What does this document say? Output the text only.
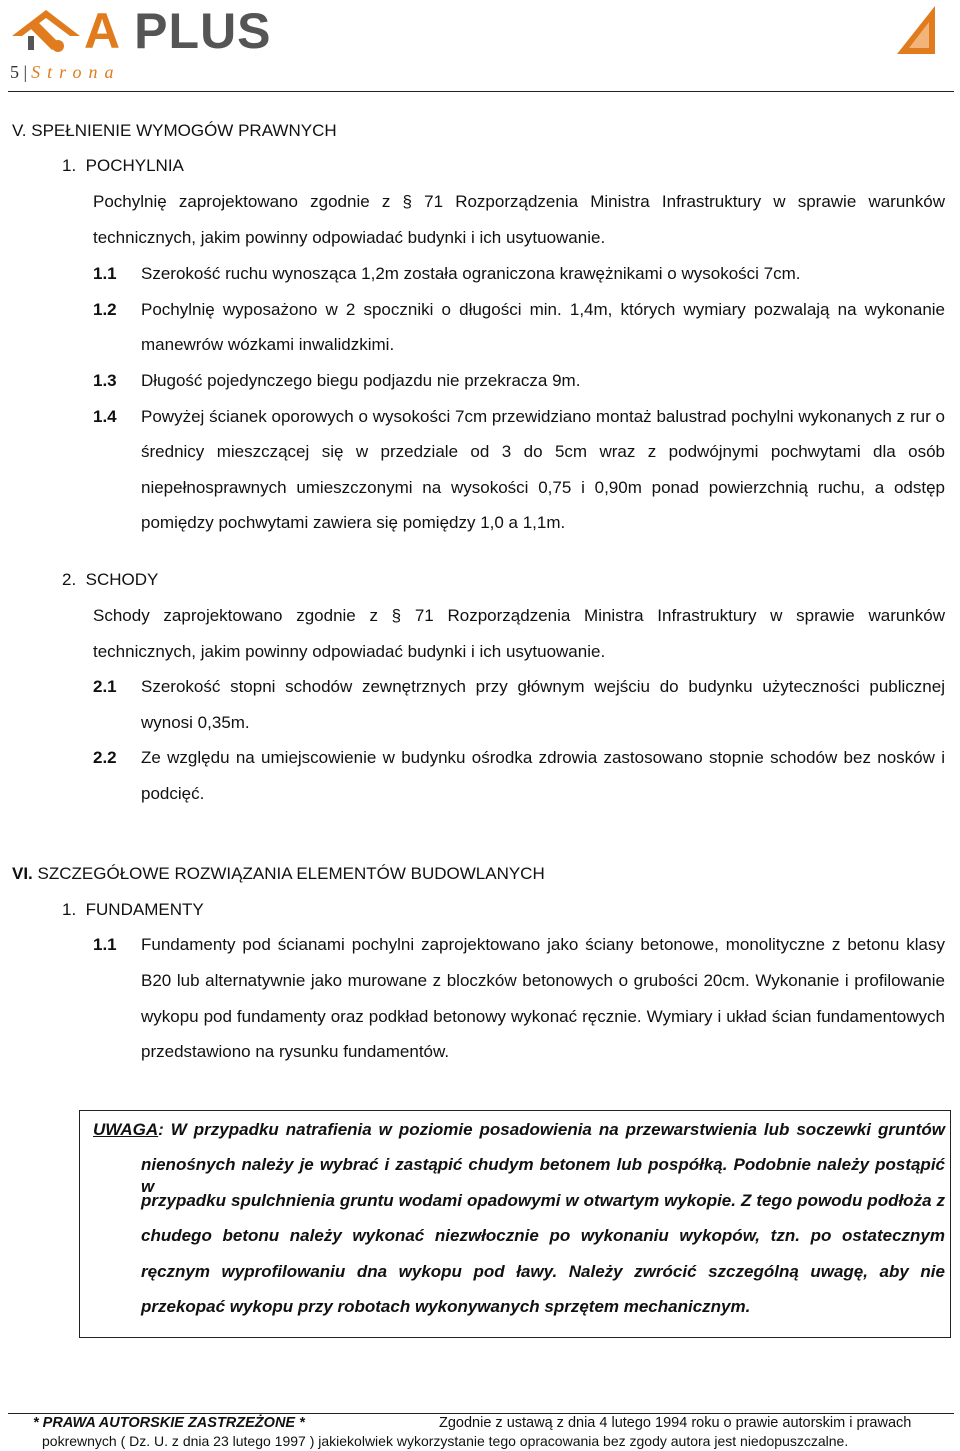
A PLUS
5 | Strona
V. SPEŁNIENIE WYMOGÓW PRAWNYCH
1. POCHYLNIA
Pochylnię zaprojektowano zgodnie z § 71 Rozporządzenia Ministra Infrastruktury w sprawie warunków
technicznych, jakim powinny odpowiadać budynki i ich usytuowanie.
1.1 Szerokość ruchu wynosząca 1,2m została ograniczona krawężnikami o wysokości 7cm.
1.2 Pochylnię wyposażono w 2 spoczniki o długości min. 1,4m, których wymiary pozwalają na wykonanie
manewrów wózkami inwalidzkimi.
1.3 Długość pojedynczego biegu podjazdu nie przekracza 9m.
1.4 Powyżej ścianek oporowych o wysokości 7cm przewidziano montaż balustrad pochylni wykonanych z rur o
średnicy mieszczącej się w przedziale od 3 do 5cm wraz z podwójnymi pochwytami dla osób
niepełnosprawnych umieszczonymi na wysokości 0,75 i 0,90m ponad powierzchnią ruchu, a odstęp
pomiędzy pochwytami zawiera się pomiędzy 1,0 a 1,1m.
2. SCHODY
Schody zaprojektowano zgodnie z § 71 Rozporządzenia Ministra Infrastruktury w sprawie warunków
technicznych, jakim powinny odpowiadać budynki i ich usytuowanie.
2.1 Szerokość stopni schodów zewnętrznych przy głównym wejściu do budynku użyteczności publicznej
wynosi 0,35m.
2.2 Ze względu na umiejscowienie w budynku ośrodka zdrowia zastosowano stopnie schodów bez nosków i
podcięć.
VI. SZCZEGÓŁOWE ROZWIĄZANIA ELEMENTÓW BUDOWLANYCH
1. FUNDAMENTY
1.1 Fundamenty pod ścianami pochylni zaprojektowano jako ściany betonowe, monolityczne z betonu klasy
B20 lub alternatywnie jako murowane z bloczków betonowych o grubości 20cm. Wykonanie i profilowanie
wykopu pod fundamenty oraz podkład betonowy wykonać ręcznie. Wymiary i układ ścian fundamentowych
przedstawiono na rysunku fundamentów.
UWAGA: W przypadku natrafienia w poziomie posadowienia na przewarstwienia lub soczewki gruntów
nienośnych należy je wybrać i zastąpić chudym betonem lub pospółką. Podobnie należy postąpić w
przypadku spulchnienia gruntu wodami opadowymi w otwartym wykopie. Z tego powodu podłoża z
chudego betonu należy wykonać niezwłocznie po wykonaniu wykopów, tzn. po ostatecznym
ręcznym wyprofilowaniu dna wykopu pod ławy. Należy zwrócić szczególną uwagę, aby nie
przekopać wykopu przy robotach wykonywanych sprzętem mechanicznym.
* PRAWA AUTORSKIE ZASTRZEŻONE *	Zgodnie z ustawą z dnia 4 lutego 1994 roku o prawie autorskim i prawach
pokrewnych ( Dz. U. z dnia 23 lutego 1997 ) jakiekolwiek wykorzystanie tego opracowania bez zgody autora jest niedopuszczalne.
